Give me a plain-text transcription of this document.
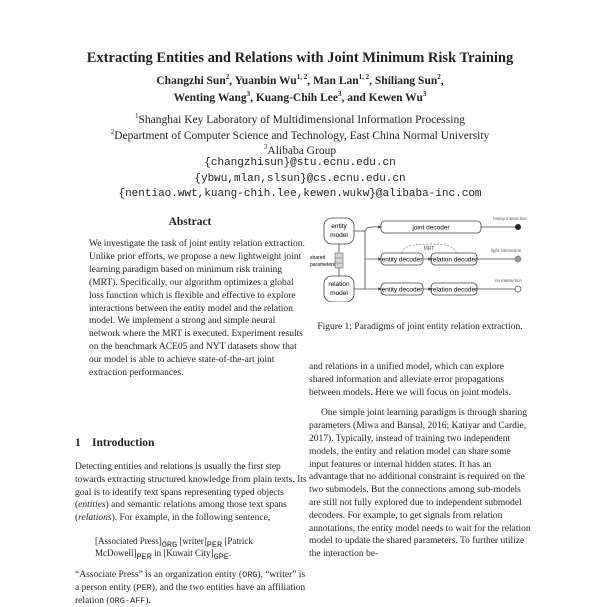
Extracting Entities and Relations with Joint Minimum Risk Training
Changzhi Sun$^2$, Yuanbin Wu$^{1, 2}$, Man Lan$^{1, 2}$, Shiliang Sun$^2$,
Wenting Wang$^3$, Kuang-Chih Lee$^3$, and Kewen Wu$^3$
$^1$Shanghai Key Laboratory of Multidimensional Information Processing
$^2$Department of Computer Science and Technology, East China Normal University
$^3$Alibaba Group
{changzhisun}@stu.ecnu.edu.cn
{ybwu,mlan,slsun}@cs.ecnu.edu.cn
{nentiao.wwt,kuang-chih.lee,kewen.wukw}@alibaba-inc.com
Abstract
We investigate the task of joint entity relation extraction. Unlike prior efforts, we propose a new lightweight joint learning paradigm based on minimum risk training (MRT). Specifically, our algorithm optimizes a global loss function which is flexible and effective to explore interactions between the entity model and the relation model. We implement a strong and simple neural network where the MRT is executed. Experiment results on the benchmark ACE05 and NYT datasets show that our model is able to achieve state-of-the-art joint extraction performances.
1 Introduction

Detecting entities and relations is usually the first step towards extracting structured knowledge from plain texts. Its goal is to identify text spans representing typed objects (entities) and semantic relations among those text spans (relations). For example, in the following sentence,

[Associated Press]ORG [writer]PER [Patrick McDowell]PER in [Kuwait City]GPE.

“Associate Press” is an organization entity (ORG), “writer” is a person entity (PER), and the two entities have an affiliation relation (ORG-AFF).

entity
model
relation
model
shared
parameters
joint decoder
heavy interaction
entity decoder relation decoder
MRT	light interaction
entity decoder relation decoder
no interaction
Figure 1: Paradigms of joint entity relation extraction.

and relations in a unified model, which can explore shared information and alleviate error propagations between models. Here we will focus on joint models.

One simple joint learning paradigm is through sharing parameters (Miwa and Bansal, 2016; Katiyar and Cardie, 2017). Typically, instead of training two independent models, the entity and relation model can share some input features or internal hidden states. It has an advantage that no additional constraint is required on the two submodels. But the connections among sub-models are still not fully explored due to independent submodel decoders. For example, to get signals from relation annotations, the entity model needs to wait for the relation model to update the shared parameters. To further utilize the interaction be-
